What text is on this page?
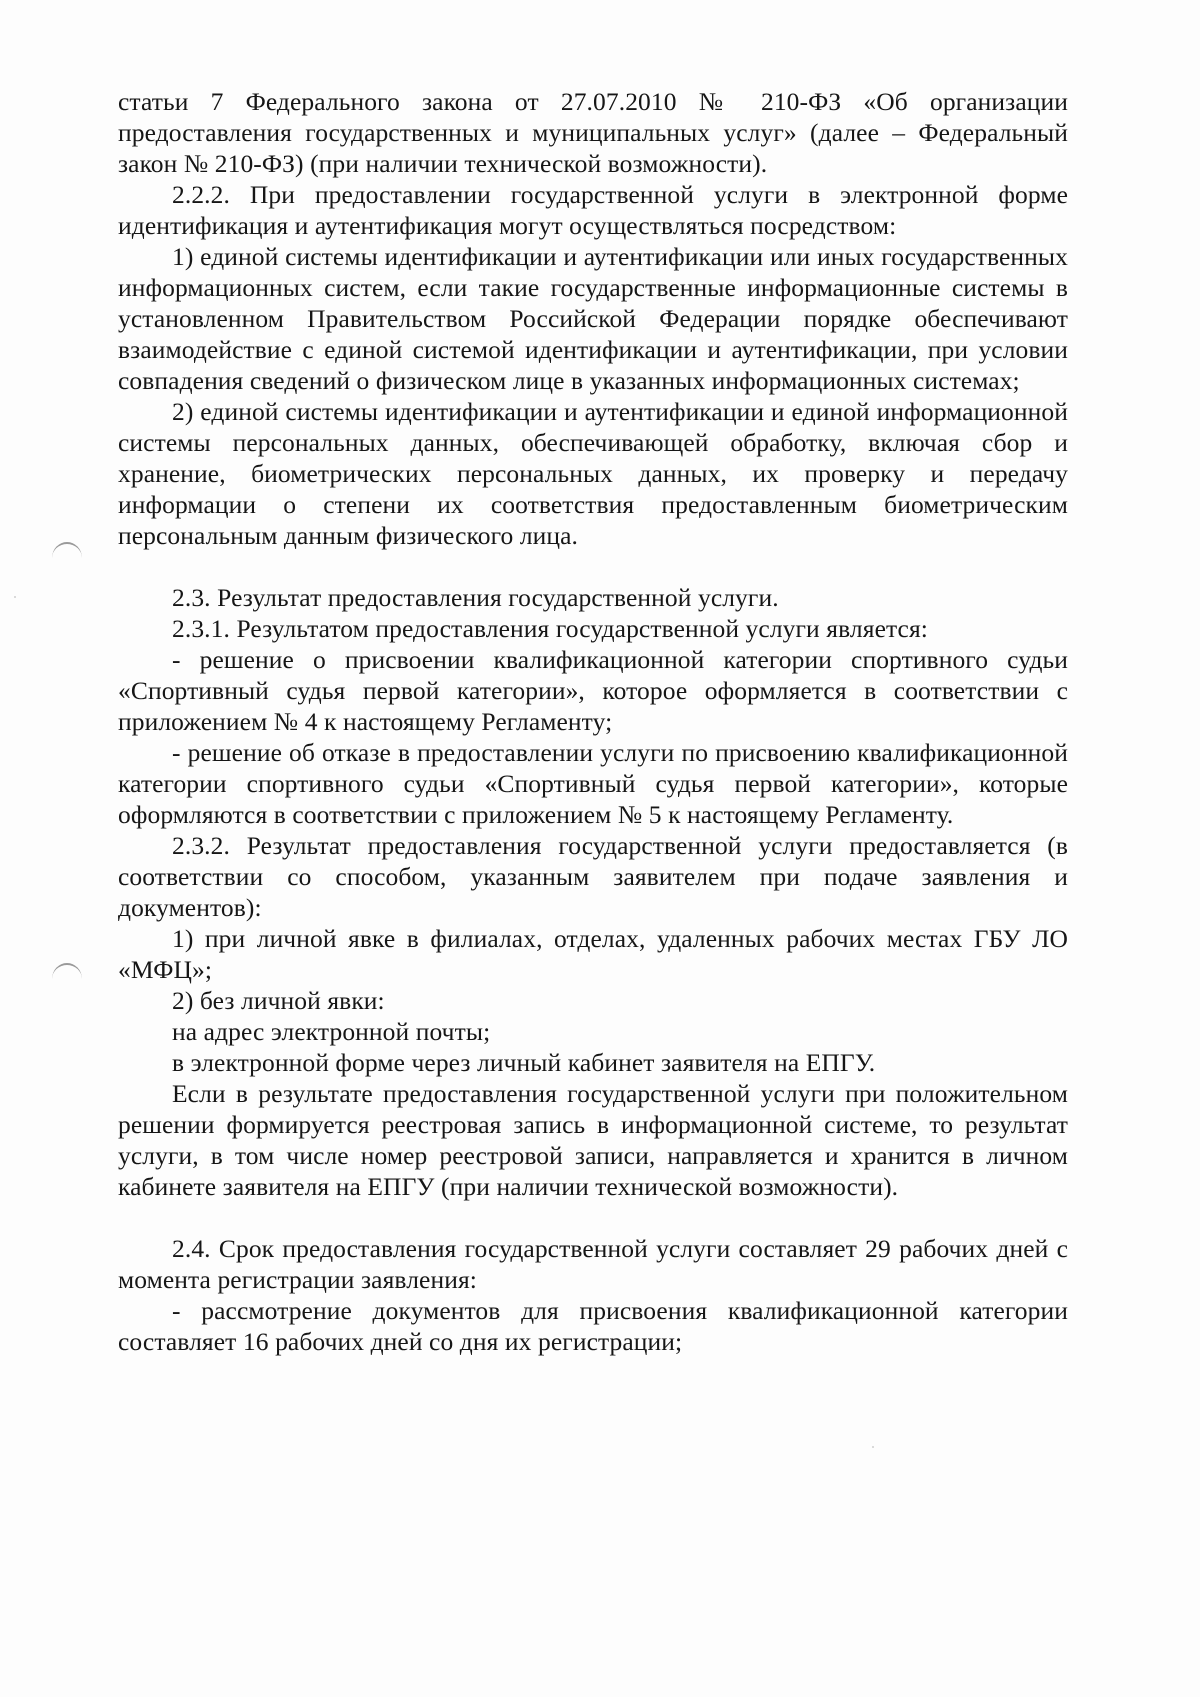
статьи 7 Федерального закона от 27.07.2010 № 210-ФЗ «Об организации предоставления государственных и муниципальных услуг» (далее – Федеральный закон № 210-ФЗ) (при наличии технической возможности).

2.2.2. При предоставлении государственной услуги в электронной форме идентификация и аутентификация могут осуществляться посредством:

1) единой системы идентификации и аутентификации или иных государственных информационных систем, если такие государственные информационные системы в установленном Правительством Российской Федерации порядке обеспечивают взаимодействие с единой системой идентификации и аутентификации, при условии совпадения сведений о физическом лице в указанных информационных системах;

2) единой системы идентификации и аутентификации и единой информационной системы персональных данных, обеспечивающей обработку, включая сбор и хранение, биометрических персональных данных, их проверку и передачу информации о степени их соответствия предоставленным биометрическим персональным данным физического лица.

2.3. Результат предоставления государственной услуги.

2.3.1. Результатом предоставления государственной услуги является:

- решение о присвоении квалификационной категории спортивного судьи «Спортивный судья первой категории», которое оформляется в соответствии с приложением № 4 к настоящему Регламенту;

- решение об отказе в предоставлении услуги по присвоению квалификационной категории спортивного судьи «Спортивный судья первой категории», которые оформляются в соответствии с приложением № 5 к настоящему Регламенту.

2.3.2. Результат предоставления государственной услуги предоставляется (в соответствии со способом, указанным заявителем при подаче заявления и документов):

1) при личной явке в филиалах, отделах, удаленных рабочих местах ГБУ ЛО «МФЦ»;

2) без личной явки:

на адрес электронной почты;

в электронной форме через личный кабинет заявителя на ЕПГУ.

Если в результате предоставления государственной услуги при положительном решении формируется реестровая запись в информационной системе, то результат услуги, в том числе номер реестровой записи, направляется и хранится в личном кабинете заявителя на ЕПГУ (при наличии технической возможности).

2.4. Срок предоставления государственной услуги составляет 29 рабочих дней с момента регистрации заявления:

- рассмотрение документов для присвоения квалификационной категории составляет 16 рабочих дней со дня их регистрации;
